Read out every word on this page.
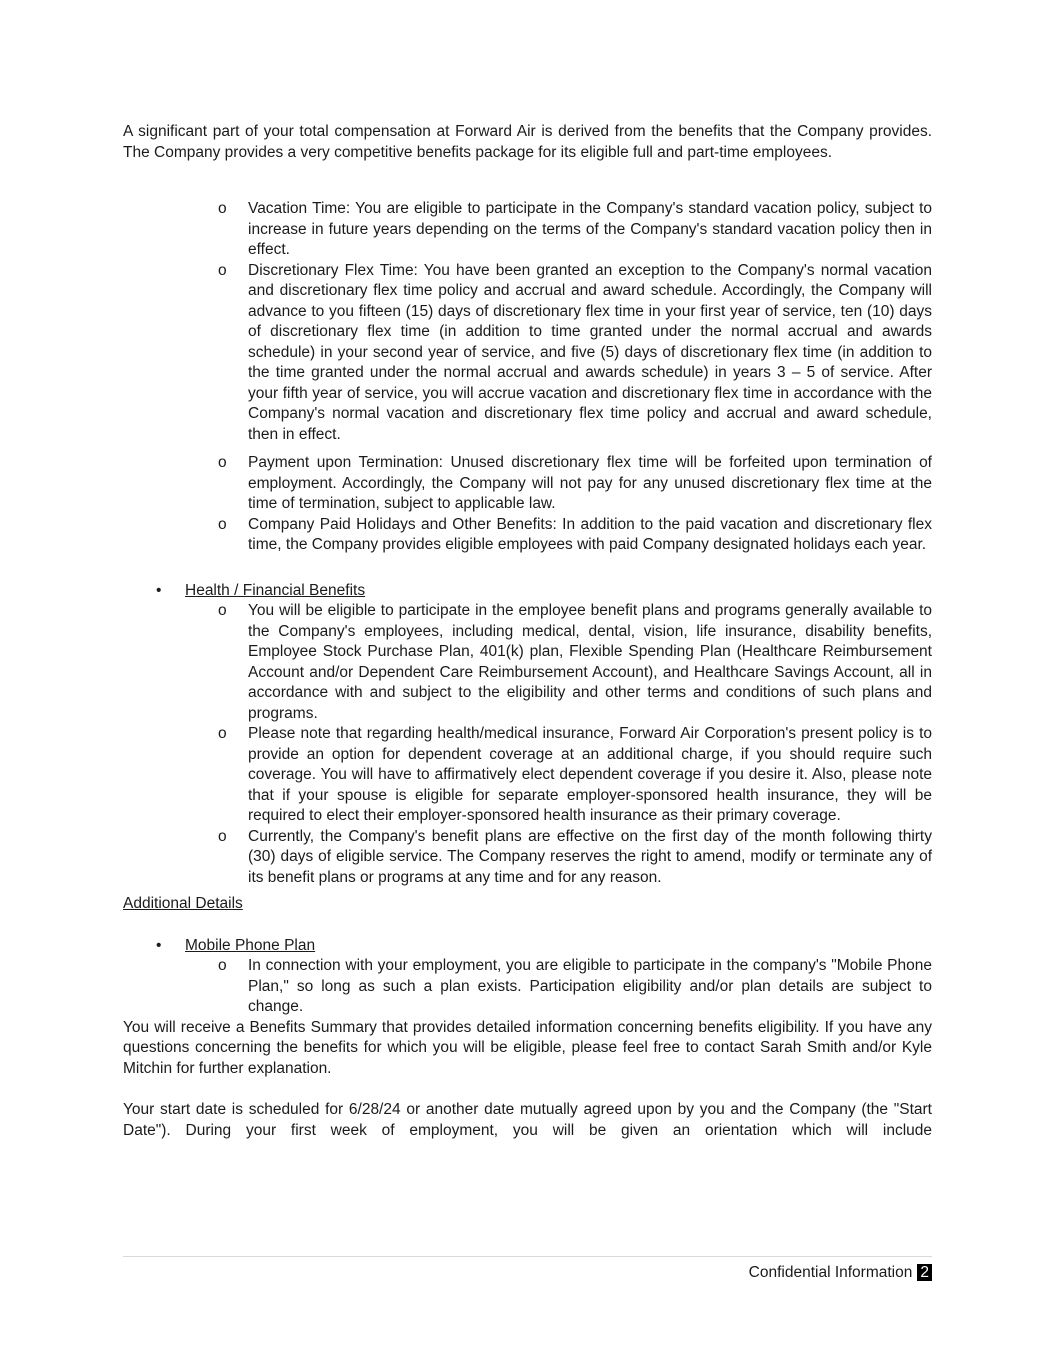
A significant part of your total compensation at Forward Air is derived from the benefits that the Company provides. The Company provides a very competitive benefits package for its eligible full and part-time employees.

o Vacation Time: You are eligible to participate in the Company's standard vacation policy, subject to increase in future years depending on the terms of the Company's standard vacation policy then in effect.
o Discretionary Flex Time: You have been granted an exception to the Company's normal vacation and discretionary flex time policy and accrual and award schedule. Accordingly, the Company will advance to you fifteen (15) days of discretionary flex time in your first year of service, ten (10) days of discretionary flex time (in addition to time granted under the normal accrual and awards schedule) in your second year of service, and five (5) days of discretionary flex time (in addition to the time granted under the normal accrual and awards schedule) in years 3 – 5 of service. After your fifth year of service, you will accrue vacation and discretionary flex time in accordance with the Company's normal vacation and discretionary flex time policy and accrual and award schedule, then in effect.
o Payment upon Termination: Unused discretionary flex time will be forfeited upon termination of employment. Accordingly, the Company will not pay for any unused discretionary flex time at the time of termination, subject to applicable law.
o Company Paid Holidays and Other Benefits: In addition to the paid vacation and discretionary flex time, the Company provides eligible employees with paid Company designated holidays each year.
• Health / Financial Benefits
o You will be eligible to participate in the employee benefit plans and programs generally available to the Company's employees, including medical, dental, vision, life insurance, disability benefits, Employee Stock Purchase Plan, 401(k) plan, Flexible Spending Plan (Healthcare Reimbursement Account and/or Dependent Care Reimbursement Account), and Healthcare Savings Account, all in accordance with and subject to the eligibility and other terms and conditions of such plans and programs.
o Please note that regarding health/medical insurance, Forward Air Corporation's present policy is to provide an option for dependent coverage at an additional charge, if you should require such coverage. You will have to affirmatively elect dependent coverage if you desire it. Also, please note that if your spouse is eligible for separate employer-sponsored health insurance, they will be required to elect their employer-sponsored health insurance as their primary coverage.
o Currently, the Company's benefit plans are effective on the first day of the month following thirty (30) days of eligible service. The Company reserves the right to amend, modify or terminate any of its benefit plans or programs at any time and for any reason.

Additional Details

• Mobile Phone Plan
o In connection with your employment, you are eligible to participate in the company's "Mobile Phone Plan," so long as such a plan exists. Participation eligibility and/or plan details are subject to change.

You will receive a Benefits Summary that provides detailed information concerning benefits eligibility. If you have any questions concerning the benefits for which you will be eligible, please feel free to contact Sarah Smith and/or Kyle Mitchin for further explanation.

Your start date is scheduled for 6/28/24 or another date mutually agreed upon by you and the Company (the "Start Date"). During your first week of employment, you will be given an orientation which will include

Confidential Information 2
